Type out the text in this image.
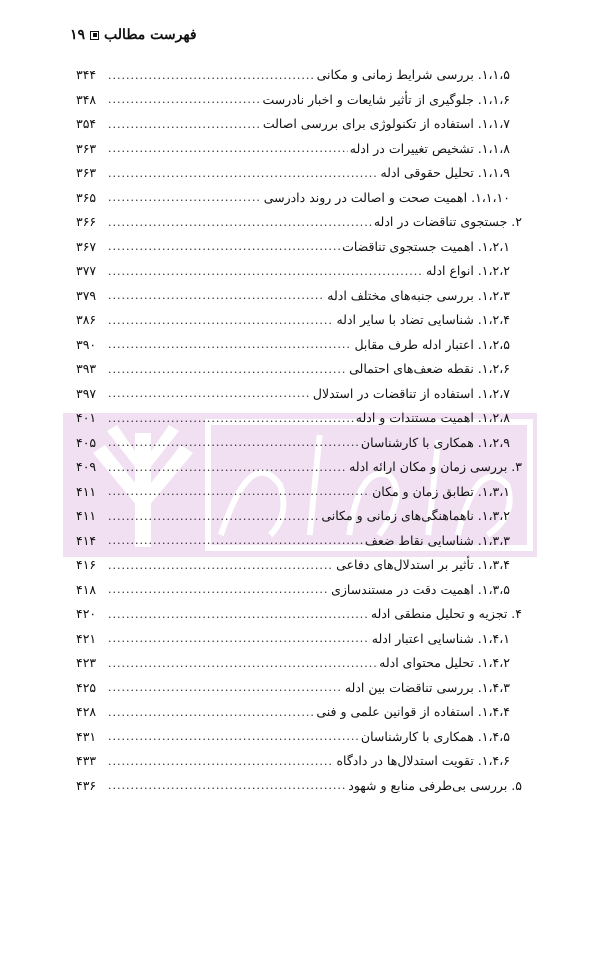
فهرست مطالب
۱۹
۱،۱،۵. بررسی شرایط زمانی و مکانی
.....
۳۴۴
۱،۱،۶. جلوگیری از تأثیر شایعات و اخبار نادرست
.....
۳۴۸
۱،۱،۷. استفاده از تکنولوژی برای بررسی اصالت
.....
۳۵۴
۱،۱،۸. تشخیص تغییرات در ادله
.....
۳۶۳
۱،۱،۹. تحلیل حقوقی ادله
.....
۳۶۳
۱،۱،۱۰. اهمیت صحت و اصالت در روند دادرسی
.....
۳۶۵
۲. جستجوی تناقضات در ادله
.....
۳۶۶
۱،۲،۱. اهمیت جستجوی تناقضات
.....
۳۶۷
۱،۲،۲. انواع ادله
.....
۳۷۷
۱،۲،۳. بررسی جنبه‌های مختلف ادله
.....
۳۷۹
۱،۲،۴. شناسایی تضاد با سایر ادله
.....
۳۸۶
۱،۲،۵. اعتبار ادله طرف مقابل
.....
۳۹۰
۱،۲،۶. نقطه ضعف‌های احتمالی
.....
۳۹۳
۱،۲،۷. استفاده از تناقضات در استدلال
.....
۳۹۷
۱،۲،۸. اهمیت مستندات و ادله
.....
۴۰۱
۱،۲،۹. همکاری با کارشناسان
.....
۴۰۵
۳. بررسی زمان و مکان ارائه ادله
.....
۴۰۹
۱،۳،۱. تطابق زمان و مکان
.....
۴۱۱
۱،۳،۲. ناهماهنگی‌های زمانی و مکانی
.....
۴۱۱
۱،۳،۳. شناسایی نقاط ضعف
.....
۴۱۴
۱،۳،۴. تأثیر بر استدلال‌های دفاعی
.....
۴۱۶
۱،۳،۵. اهمیت دقت در مستندسازی
.....
۴۱۸
۴. تجزیه و تحلیل منطقی ادله
.....
۴۲۰
۱،۴،۱. شناسایی اعتبار ادله
.....
۴۲۱
۱،۴،۲. تحلیل محتوای ادله
.....
۴۲۳
۱،۴،۳. بررسی تناقضات بین ادله
.....
۴۲۵
۱،۴،۴. استفاده از قوانین علمی و فنی
.....
۴۲۸
۱،۴،۵. همکاری با کارشناسان
.....
۴۳۱
۱،۴،۶. تقویت استدلال‌ها در دادگاه
.....
۴۳۳
۵. بررسی بی‌طرفی منابع و شهود
.....
۴۳۶
